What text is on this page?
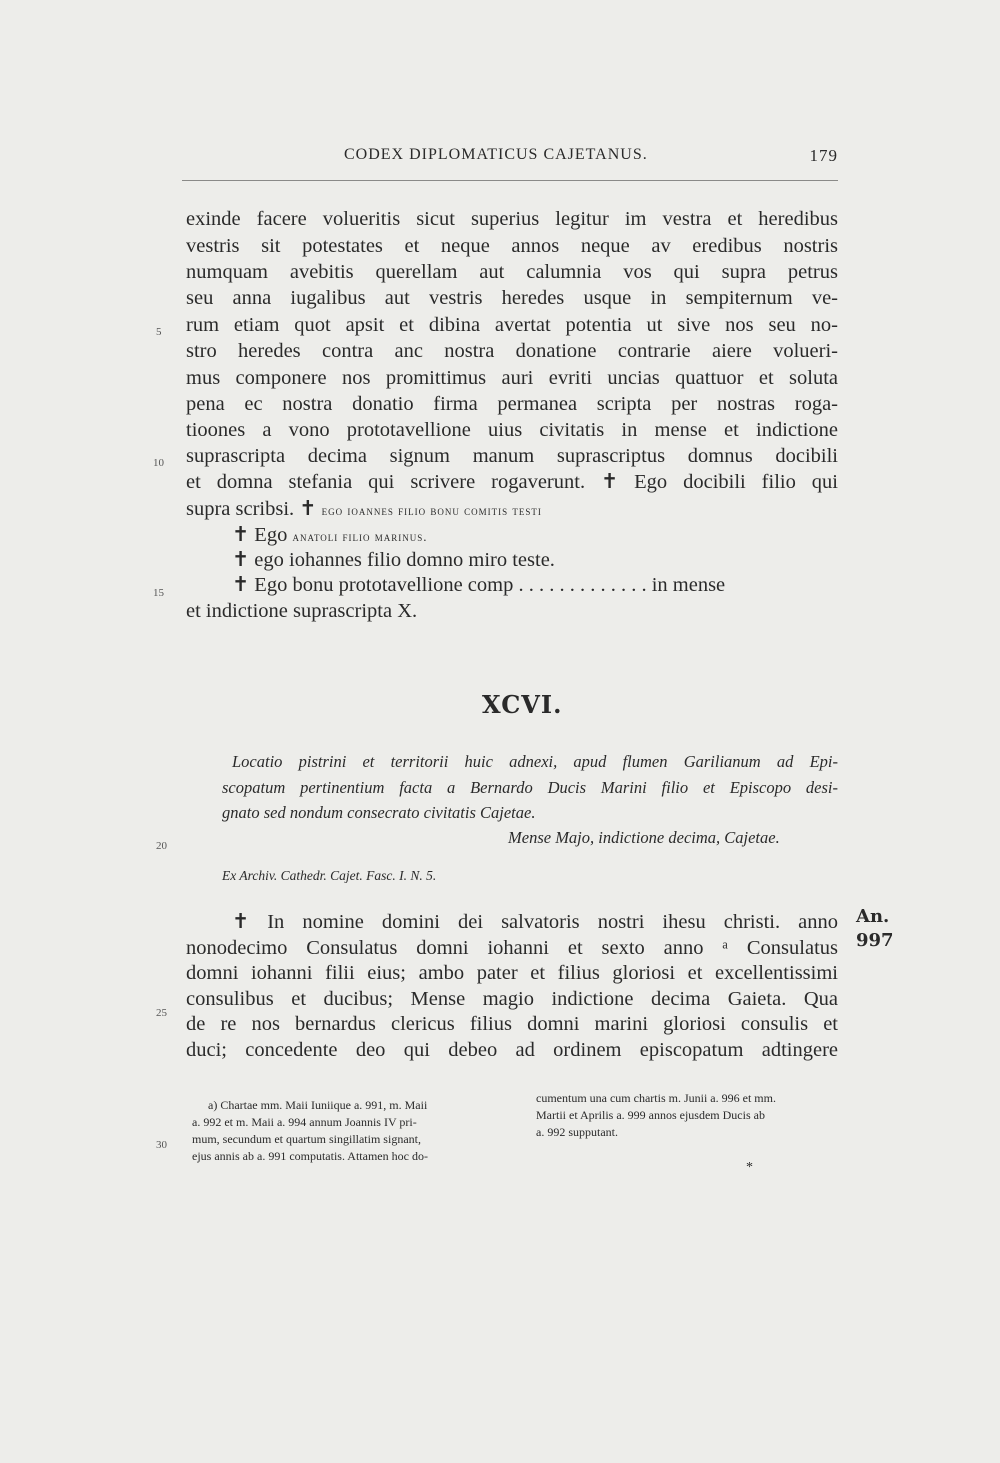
CODEX DIPLOMATICUS CAJETANUS.	179
5
10
15
20
25
30
exinde facere volueritis sicut superius legitur im vestra et heredibus
vestris sit potestates et neque annos neque av eredibus nostris
numquam avebitis querellam aut calumnia vos qui supra petrus
seu anna iugalibus aut vestris heredes usque in sempiternum ve-
rum etiam quot apsit et dibina avertat potentia ut sive nos seu no-
stro heredes contra anc nostra donatione contrarie aiere volueri-
mus componere nos promittimus auri evriti uncias quattuor et soluta
pena ec nostra donatio firma permanea scripta per nostras roga-
tioones a vono prototavellione uius civitatis in mense et indictione
suprascripta decima signum manum suprascriptus domnus docibili
et domna stefania qui scrivere rogaverunt. ✝ Ego docibili filio qui
supra scribsi. ✝ ego ioannes filio bonu comitis testi
✝ Ego anatoli filio marinus.
✝ ego iohannes filio domno miro teste.
✝ Ego bonu prototavellione comp . . . . . . . . . . . . . in mense
et indictione suprascripta X.
XCVI.
Locatio pistrini et territorii huic adnexi, apud flumen Garilianum ad Epi-
scopatum pertinentium facta a Bernardo Ducis Marini filio et Episcopo desi-
gnato sed nondum consecrato civitatis Cajetae.
Mense Majo, indictione decima, Cajetae.
Ex Archiv. Cathedr. Cajet. Fasc. I. N. 5.
An.
997
✝ In nomine domini dei salvatoris nostri ihesu christi. anno
nonodecimo Consulatus domni iohanni et sexto anno ᵃ Consulatus
domni iohanni filii eius; ambo pater et filius gloriosi et excellentissimi
consulibus et ducibus; Mense magio indictione decima Gaieta. Qua
de re nos bernardus clericus filius domni marini gloriosi consulis et
duci; concedente deo qui debeo ad ordinem episcopatum adtingere
a) Chartae mm. Maii Iuniique a. 991, m. Maii
a. 992 et m. Maii a. 994 annum Joannis IV pri-
mum, secundum et quartum singillatim signant,
ejus annis ab a. 991 computatis. Attamen hoc do-
cumentum una cum chartis m. Junii a. 996 et mm.
Martii et Aprilis a. 999 annos ejusdem Ducis ab
a. 992 supputant.
*
